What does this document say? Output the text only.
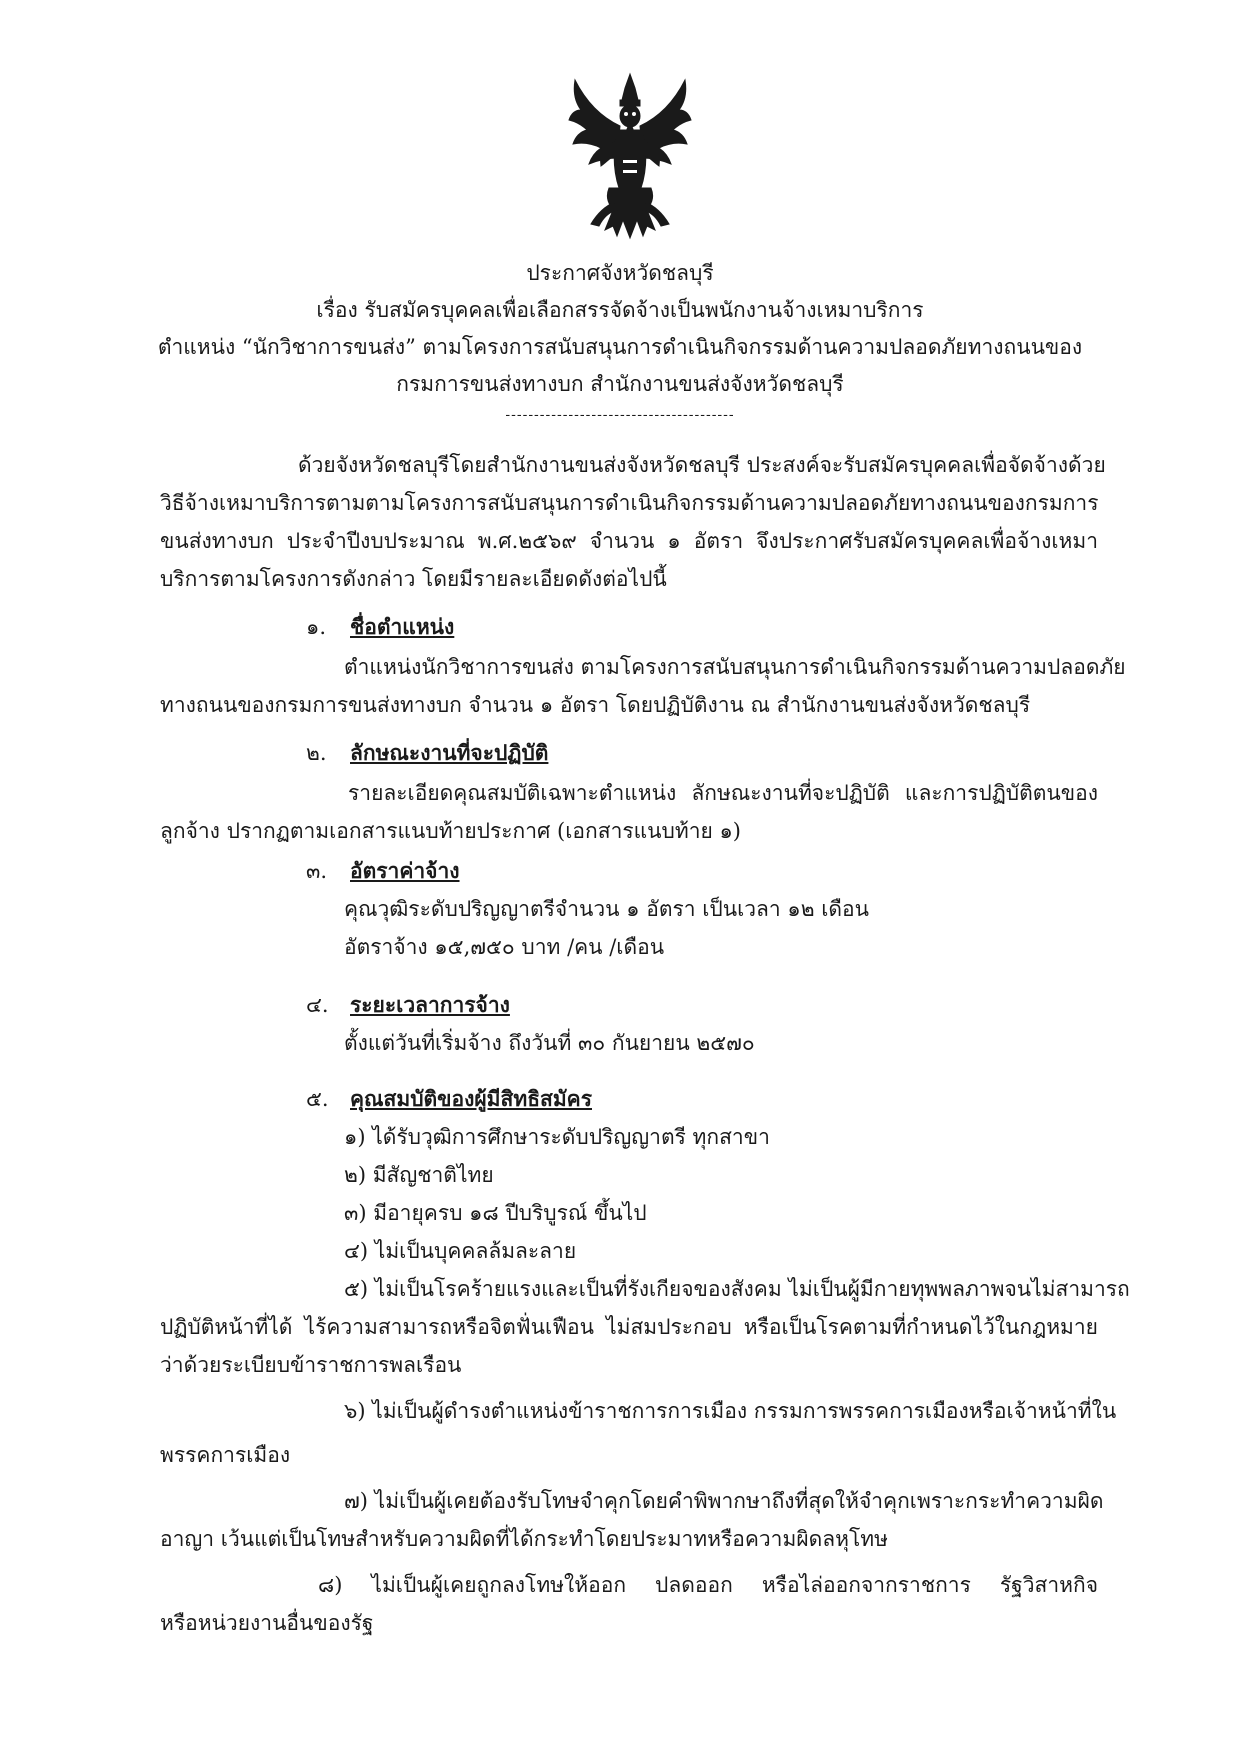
ประกาศจังหวัดชลบุรี
เรื่อง รับสมัครบุคคลเพื่อเลือกสรรจัดจ้างเป็นพนักงานจ้างเหมาบริการ
ตำแหน่ง “นักวิชาการขนส่ง” ตามโครงการสนับสนุนการดำเนินกิจกรรมด้านความปลอดภัยทางถนนของ
กรมการขนส่งทางบก สำนักงานขนส่งจังหวัดชลบุรี
----------------------------------------
ด้วยจังหวัดชลบุรีโดยสำนักงานขนส่งจังหวัดชลบุรี ประสงค์จะรับสมัครบุคคลเพื่อจัดจ้างด้วย
วิธีจ้างเหมาบริการตามตามโครงการสนับสนุนการดำเนินกิจกรรมด้านความปลอดภัยทางถนนของกรมการ
ขนส่งทางบก ประจำปีงบประมาณ พ.ศ.๒๕๖๙ จำนวน ๑ อัตรา จึงประกาศรับสมัครบุคคลเพื่อจ้างเหมา
บริการตามโครงการดังกล่าว โดยมีรายละเอียดดังต่อไปนี้
๑. ชื่อตำแหน่ง
ตำแหน่งนักวิชาการขนส่ง ตามโครงการสนับสนุนการดำเนินกิจกรรมด้านความปลอดภัย
ทางถนนของกรมการขนส่งทางบก จำนวน ๑ อัตรา โดยปฏิบัติงาน ณ สำนักงานขนส่งจังหวัดชลบุรี
๒. ลักษณะงานที่จะปฏิบัติ
รายละเอียดคุณสมบัติเฉพาะตำแหน่ง ลักษณะงานที่จะปฏิบัติ และการปฏิบัติตนของ
ลูกจ้าง ปรากฏตามเอกสารแนบท้ายประกาศ (เอกสารแนบท้าย ๑)
๓. อัตราค่าจ้าง
คุณวุฒิระดับปริญญาตรีจำนวน ๑ อัตรา เป็นเวลา ๑๒ เดือน
อัตราจ้าง ๑๕,๗๕๐ บาท /คน /เดือน
๔. ระยะเวลาการจ้าง
ตั้งแต่วันที่เริ่มจ้าง ถึงวันที่ ๓๐ กันยายน ๒๕๗๐
๕. คุณสมบัติของผู้มีสิทธิสมัคร
๑) ได้รับวุฒิการศึกษาระดับปริญญาตรี ทุกสาขา
๒) มีสัญชาติไทย
๓) มีอายุครบ ๑๘ ปีบริบูรณ์ ขึ้นไป
๔) ไม่เป็นบุคคลล้มละลาย
๕) ไม่เป็นโรคร้ายแรงและเป็นที่รังเกียจของสังคม ไม่เป็นผู้มีกายทุพพลภาพจนไม่สามารถ
ปฏิบัติหน้าที่ได้ ไร้ความสามารถหรือจิตฟั่นเฟือน ไม่สมประกอบ หรือเป็นโรคตามที่กำหนดไว้ในกฎหมาย
ว่าด้วยระเบียบข้าราชการพลเรือน
๖) ไม่เป็นผู้ดำรงตำแหน่งข้าราชการการเมือง กรรมการพรรคการเมืองหรือเจ้าหน้าที่ใน
พรรคการเมือง
๗) ไม่เป็นผู้เคยต้องรับโทษจำคุกโดยคำพิพากษาถึงที่สุดให้จำคุกเพราะกระทำความผิด
อาญา เว้นแต่เป็นโทษสำหรับความผิดที่ได้กระทำโดยประมาทหรือความผิดลหุโทษ
๘) ไม่เป็นผู้เคยถูกลงโทษให้ออก ปลดออก หรือไล่ออกจากราชการ รัฐวิสาหกิจ
หรือหน่วยงานอื่นของรัฐ
